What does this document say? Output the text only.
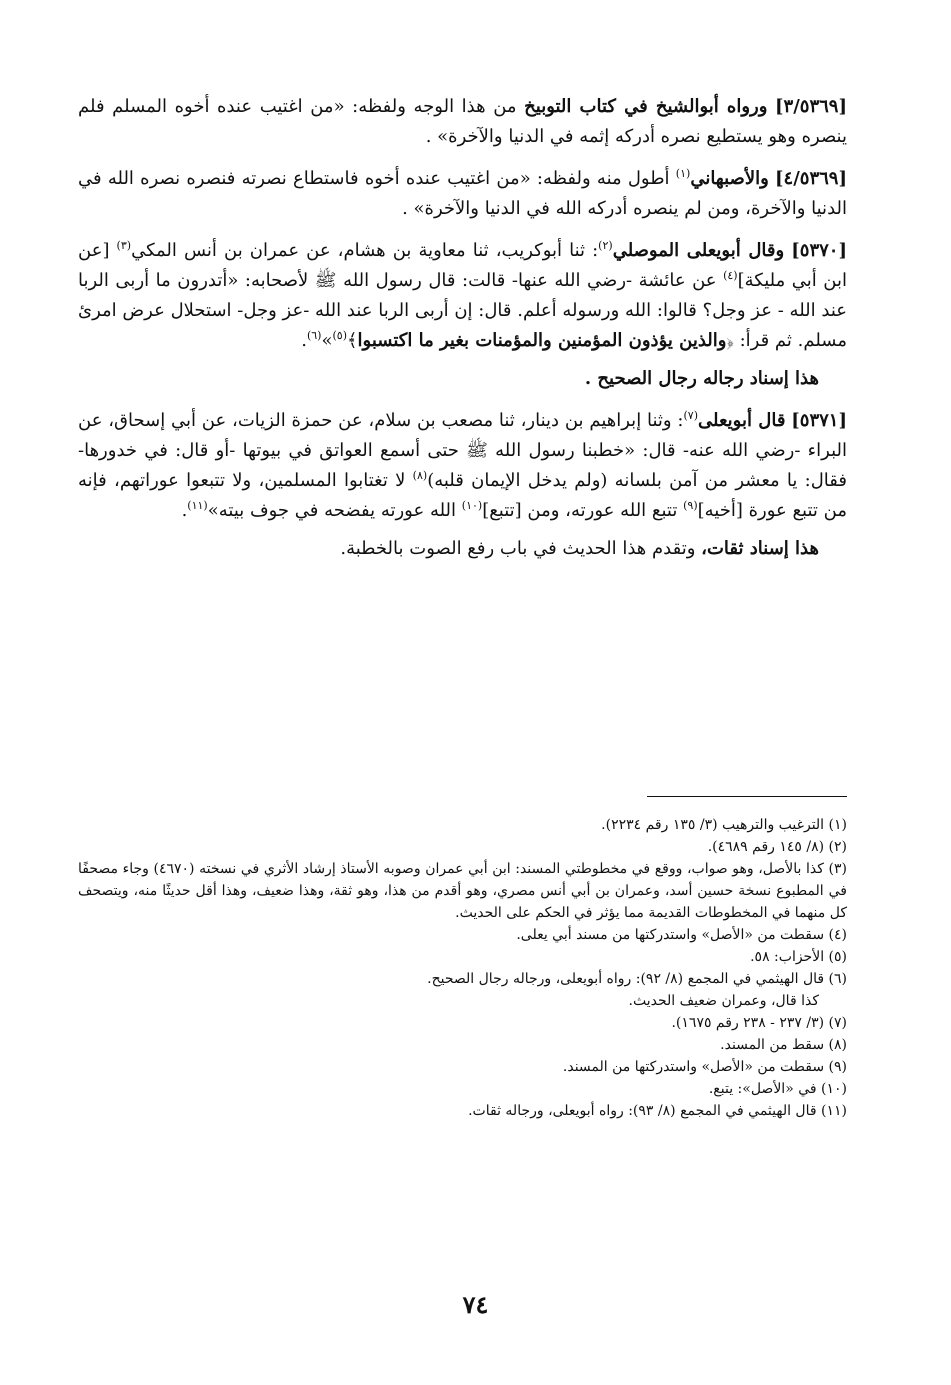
[٣/٥٣٦٩] ورواه أبوالشيخ في كتاب التوبيخ من هذا الوجه ولفظه: «من اغتيب عنده أخوه المسلم فلم ينصره وهو يستطيع نصره أدركه إثمه في الدنيا والآخرة» .

[٤/٥٣٦٩] والأصبهاني$^{(١)}$ أطول منه ولفظه: «من اغتيب عنده أخوه فاستطاع نصرته فنصره نصره الله في الدنيا والآخرة، ومن لم ينصره أدركه الله في الدنيا والآخرة» .

[٥٣٧٠] وقال أبويعلى الموصلي$^{(٢)}$: ثنا أبوكريب، ثنا معاوية بن هشام، عن عمران بن أنس المكي$^{(٣)}$ [عن ابن أبي مليكة]$^{(٤)}$ عن عائشة -رضي الله عنها- قالت: قال رسول الله ﷺ لأصحابه: «أتدرون ما أربى الربا عند الله - عز وجل؟ قالوا: الله ورسوله أعلم. قال: إن أربى الربا عند الله -عز وجل- استحلال عرض امرئ مسلم. ثم قرأ: ﴿والذين يؤذون المؤمنين والمؤمنات بغير ما اكتسبوا﴾$^{(٥)}$»$^{(٦)}$.

هذا إسناد رجاله رجال الصحيح .

[٥٣٧١] قال أبويعلى$^{(٧)}$: وثنا إبراهيم بن دينار، ثنا مصعب بن سلام، عن حمزة الزيات، عن أبي إسحاق، عن البراء -رضي الله عنه- قال: «خطبنا رسول الله ﷺ حتى أسمع العواتق في بيوتها -أو قال: في خدورها- فقال: يا معشر من آمن بلسانه (ولم يدخل الإيمان قلبه)$^{(٨)}$ لا تغتابوا المسلمين، ولا تتبعوا عوراتهم، فإنه من تتبع عورة [أخيه]$^{(٩)}$ تتبع الله عورته، ومن [تتبع]$^{(١٠)}$ الله عورته يفضحه في جوف بيته»$^{(١١)}$.

هذا إسناد ثقات، وتقدم هذا الحديث في باب رفع الصوت بالخطبة.

(١) الترغيب والترهيب (٣/ ١٣٥ رقم ٢٢٣٤).

(٢) (٨/ ١٤٥ رقم ٤٦٨٩).

(٣) كذا بالأصل، وهو صواب، ووقع في مخطوطتي المسند: ابن أبي عمران وصوبه الأستاذ إرشاد الأثري في نسخته (٤٦٧٠) وجاء مصحفًا في المطبوع نسخة حسين أسد، وعمران بن أبي أنس مصري، وهو أقدم من هذا، وهو ثقة، وهذا ضعيف، وهذا أقل حديثًا منه، ويتصحف كل منهما في المخطوطات القديمة مما يؤثر في الحكم على الحديث.

(٤) سقطت من «الأصل» واستدركتها من مسند أبي يعلى.

(٥) الأحزاب: ٥٨.

(٦) قال الهيثمي في المجمع (٨/ ٩٢): رواه أبويعلى، ورجاله رجال الصحيح.

كذا قال، وعمران ضعيف الحديث.

(٧) (٣/ ٢٣٧ - ٢٣٨ رقم ١٦٧٥).

(٨) سقط من المسند.

(٩) سقطت من «الأصل» واستدركتها من المسند.

(١٠) في «الأصل»: يتبع.

(١١) قال الهيثمي في المجمع (٨/ ٩٣): رواه أبويعلى، ورجاله ثقات.

٧٤
